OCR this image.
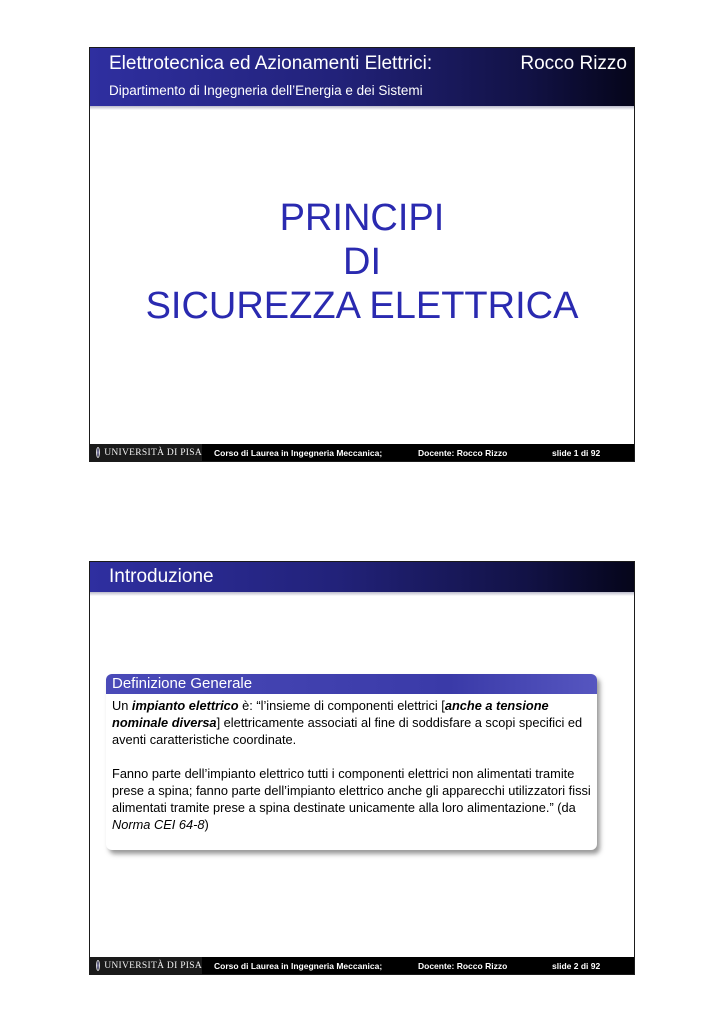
Elettrotecnica ed Azionamenti Elettrici:	Rocco Rizzo
Dipartimento di Ingegneria dell’Energia e dei Sistemi
PRINCIPI
DI
SICUREZZA ELETTRICA
UNIVERSITÀ DI PISA Corso di Laurea in Ingegneria Meccanica;	Docente: Rocco Rizzo	slide 1 di 92
Introduzione
Definizione Generale

Un impianto elettrico è: “l’insieme di componenti elettrici [anche a tensione nominale diversa] elettricamente associati al fine di soddisfare a scopi specifici ed aventi caratteristiche coordinate.

Fanno parte dell’impianto elettrico tutti i componenti elettrici non alimentati tramite prese a spina; fanno parte dell’impianto elettrico anche gli apparecchi utilizzatori fissi alimentati tramite prese a spina destinate unicamente alla loro alimentazione.” (da Norma CEI 64-8)

UNIVERSITÀ DI PISA Corso di Laurea in Ingegneria Meccanica;	Docente: Rocco Rizzo	slide 2 di 92
